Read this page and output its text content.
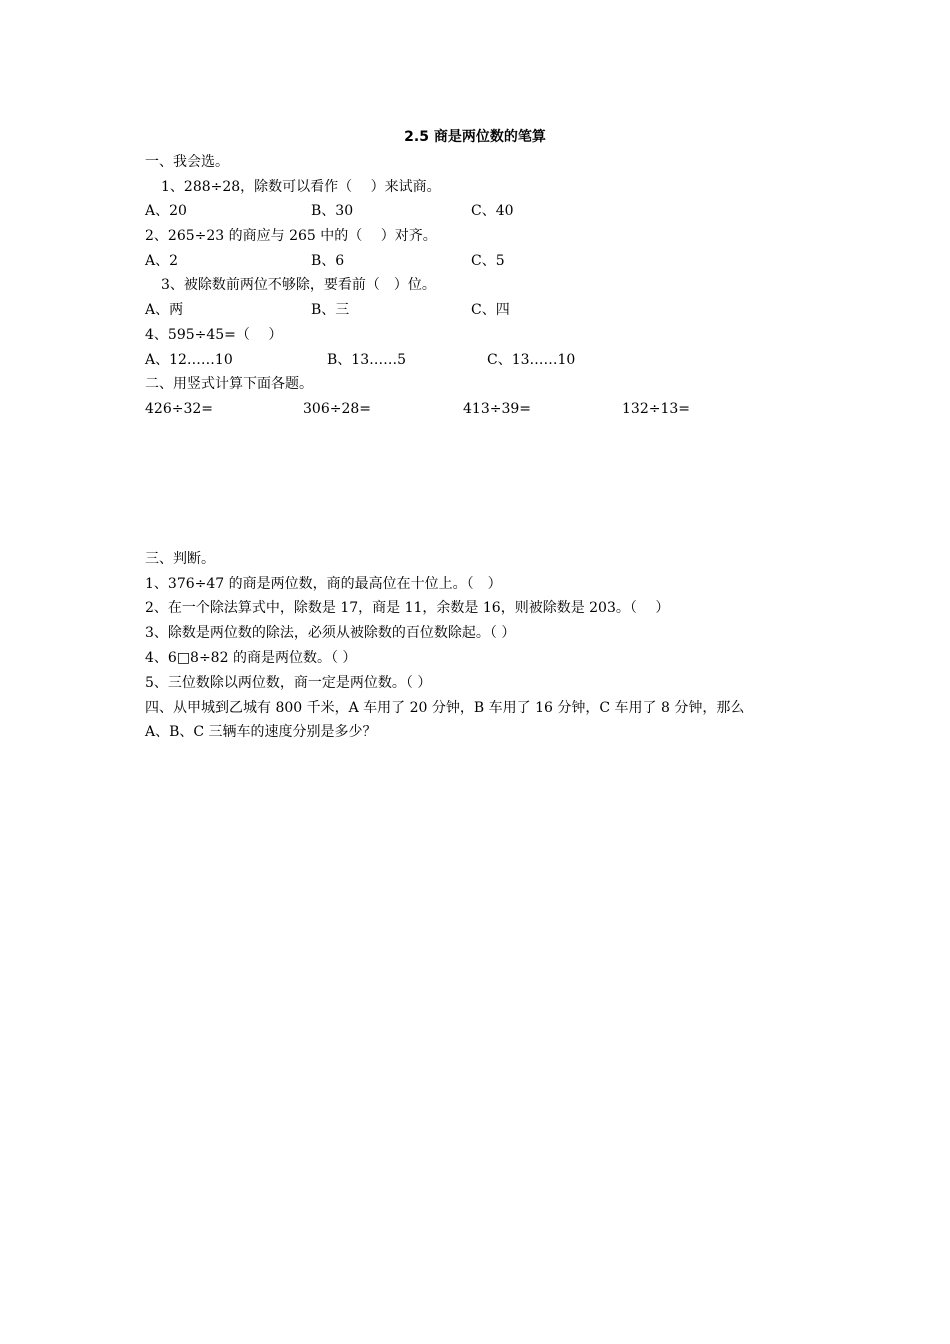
2.5 商是两位数的笔算
一、我会选。
1、288÷28，除数可以看作（　 ）来试商。
A、20	B、30	C、40
2、265÷23 的商应与 265 中的（　 ）对齐。
A、2	B、6	C、5
3、被除数前两位不够除，要看前（　）位。
A、两	B、三	C、四
4、595÷45=（　 ）
A、12……10	B、13……5	C、13……10
二、用竖式计算下面各题。
426÷32=	306÷28=	413÷39=	132÷13=
三、判断。
1、376÷47 的商是两位数，商的最高位在十位上。（　）
2、在一个除法算式中，除数是 17，商是 11，余数是 16，则被除数是 203。（　 ）
3、除数是两位数的除法，必须从被除数的百位数除起。（ ）
4、6□8÷82 的商是两位数。（ ）
5、三位数除以两位数，商一定是两位数。（ ）
四、从甲城到乙城有 800 千米，A 车用了 20 分钟，B 车用了 16 分钟，C 车用了 8 分钟，那么
A、B、C 三辆车的速度分别是多少？
